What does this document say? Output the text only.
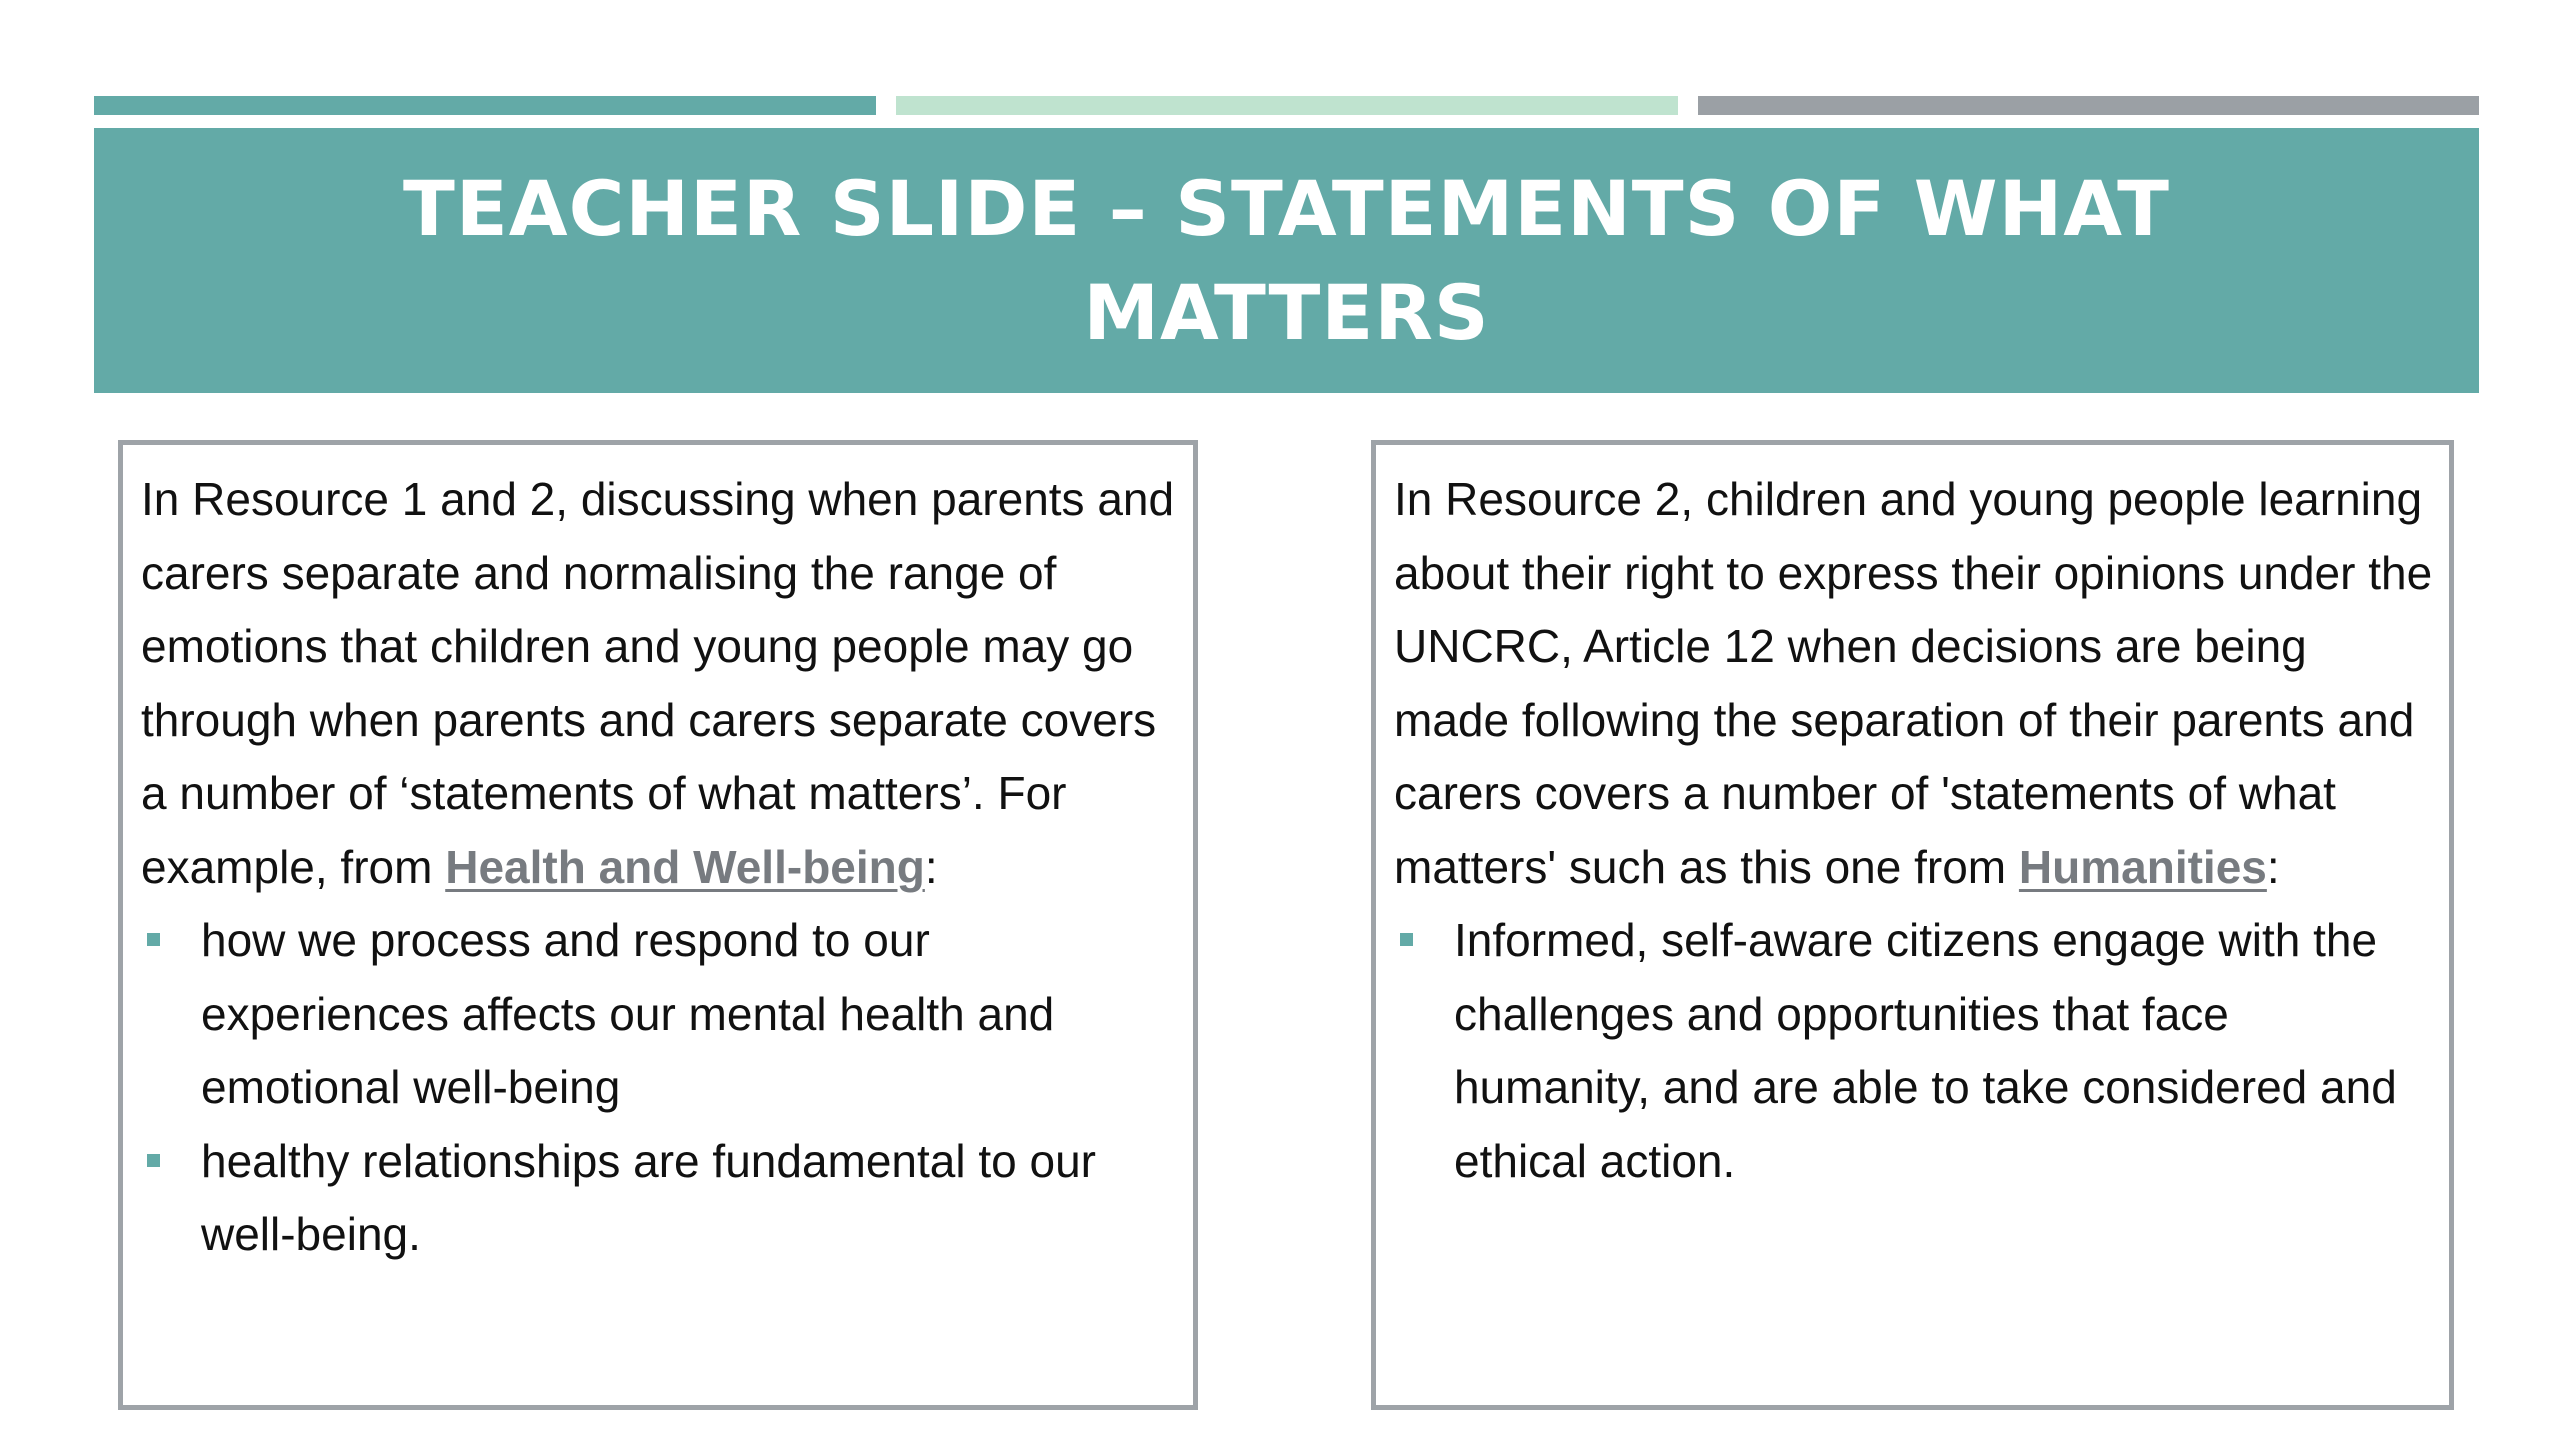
TEACHER SLIDE – STATEMENTS OF WHAT MATTERS

In Resource 1 and 2, discussing when parents and carers separate and normalising the range of emotions that children and young people may go through when parents and carers separate covers a number of ‘statements of what matters’. For example, from Health and Well-being:

how we process and respond to our experiences affects our mental health and emotional well-being
healthy relationships are fundamental to our well-being.

In Resource 2, children and young people learning about their right to express their opinions under the UNCRC, Article 12 when decisions are being made following the separation of their parents and carers covers a number of 'statements of what matters' such as this one from Humanities:

Informed, self-aware citizens engage with the challenges and opportunities that face humanity, and are able to take considered and ethical action.
